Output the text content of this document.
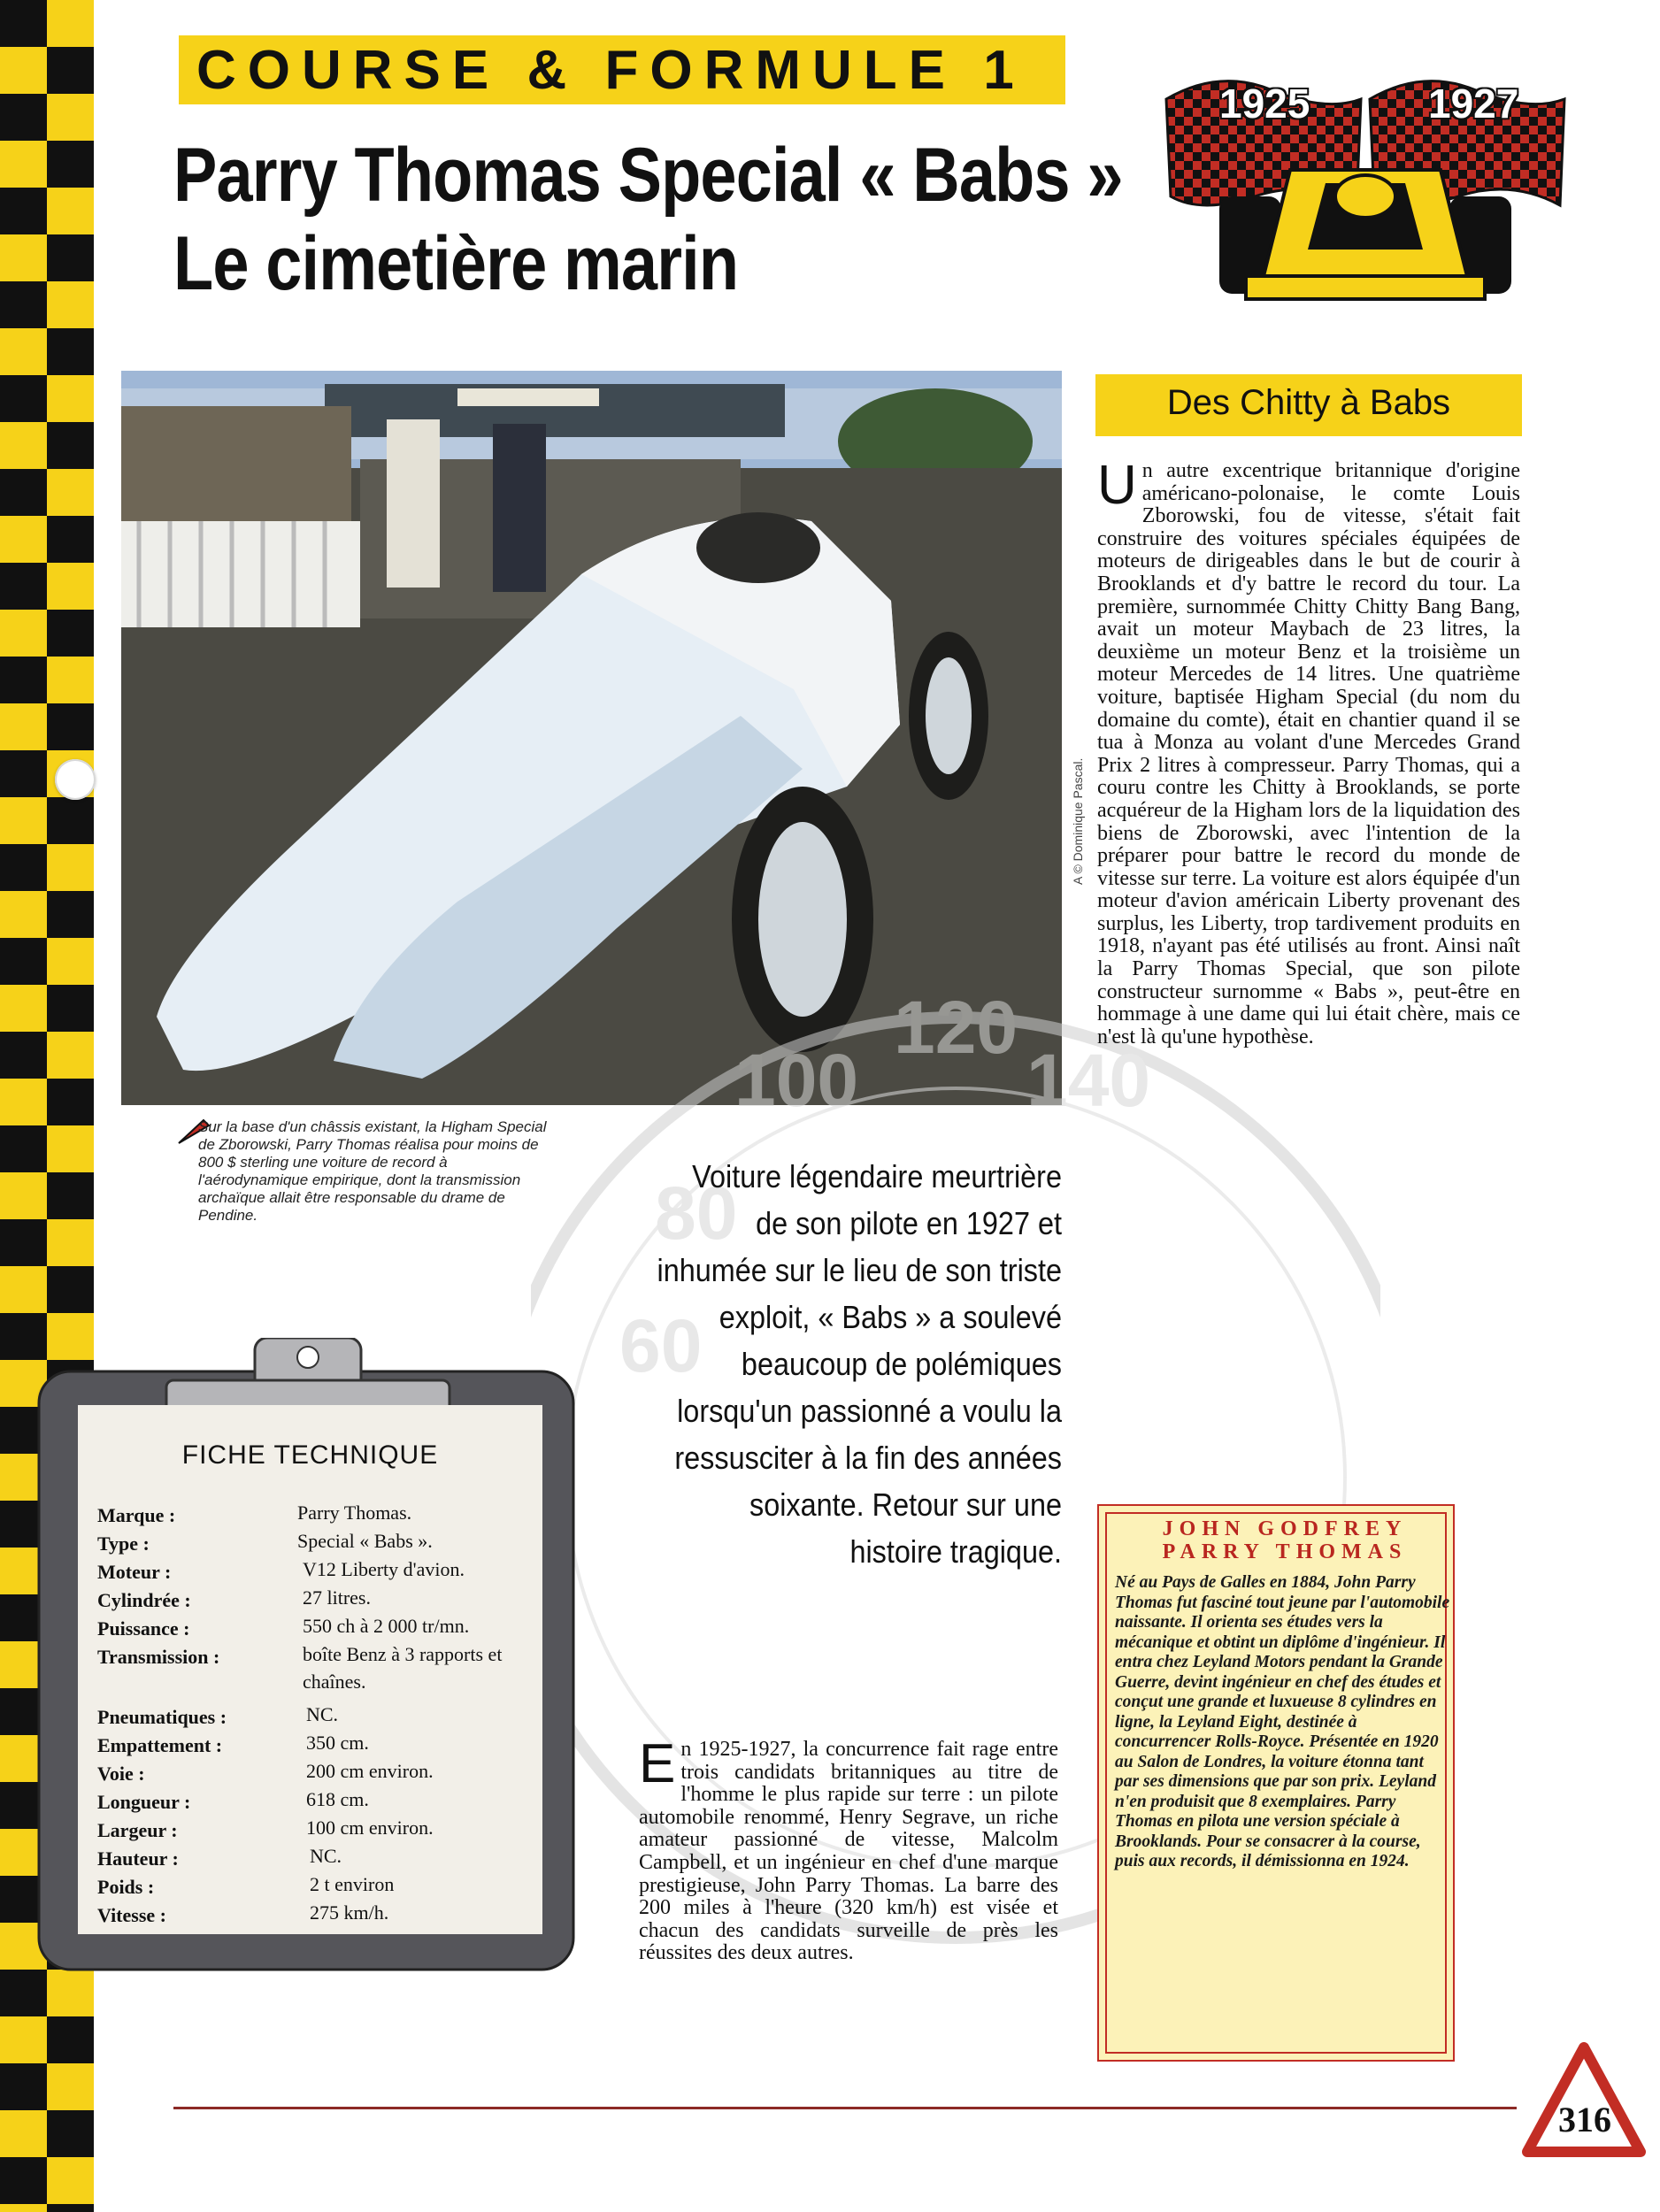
COURSE & FORMULE 1
Parry Thomas Special « Babs »
Le cimetière marin
1925	1927
A © Dominique Pascal.
Sur la base d'un châssis existant, la Higham Special de Zborowski, Parry Thomas réalisa pour moins de 800 $ sterling une voiture de record à l'aérodynamique empirique, dont la transmission archaïque allait être responsable du drame de Pendine.	80
100
120
140
60
Voiture légendaire meurtrière de son pilote en 1927 et inhumée sur le lieu de son triste exploit, « Babs » a soulevé beaucoup de polémiques lorsqu'un passionné a voulu la ressusciter à la fin des années soixante. Retour sur une histoire tragique.
FICHE TECHNIQUE
Marque :	Parry Thomas.
Type :	Special « Babs ».
Moteur :	V12 Liberty d'avion.
Cylindrée :	27 litres.
Puissance :	550 ch à 2 000 tr/mn.
Transmission :	boîte Benz à 3 rapports et chaînes.
Pneumatiques :	NC.
Empattement :	350 cm.
Voie :	200 cm environ.
Longueur :	618 cm.
Largeur :	100 cm environ.
Hauteur :	NC.
Poids :	2 t environ
Vitesse :	275 km/h.
Des Chitty à Babs
Un autre excentrique britannique d'origine américano-polonaise, le comte Louis Zborowski, fou de vitesse, s'était fait construire des voitures spéciales équipées de moteurs de dirigeables dans le but de courir à Brooklands et d'y battre le record du tour. La première, surnommée Chitty Chitty Bang Bang, avait un moteur Maybach de 23 litres, la deuxième un moteur Benz et la troisième un moteur Mercedes de 14 litres. Une quatrième voiture, baptisée Higham Special (du nom du domaine du comte), était en chantier quand il se tua à Monza au volant d'une Mercedes Grand Prix 2 litres à compresseur. Parry Thomas, qui a couru contre les Chitty à Brooklands, se porte acquéreur de la Higham lors de la liquidation des biens de Zborowski, avec l'intention de la préparer pour battre le record du monde de vitesse sur terre. La voiture est alors équipée d'un moteur d'avion américain Liberty provenant des surplus, les Liberty, trop tardivement produits en 1918, n'ayant pas été utilisés au front. Ainsi naît la Parry Thomas Special, que son pilote constructeur surnomme « Babs », peut-être en hommage à une dame qui lui était chère, mais ce n'est là qu'une hypothèse.
En 1925-1927, la concurrence fait rage entre trois candidats britanniques au titre de l'homme le plus rapide sur terre : un pilote automobile renommé, Henry Segrave, un riche amateur passionné de vitesse, Malcolm Campbell, et un ingénieur en chef d'une marque prestigieuse, John Parry Thomas. La barre des 200 miles à l'heure (320 km/h) est visée et chacun des candidats surveille de près les réussites des deux autres.
JOHN GODFREY
PARRY THOMAS
Né au Pays de Galles en 1884, John Parry Thomas fut fasciné tout jeune par l'automobile naissante. Il orienta ses études vers la mécanique et obtint un diplôme d'ingénieur. Il entra chez Leyland Motors pendant la Grande Guerre, devint ingénieur en chef des études et conçut une grande et luxueuse 8 cylindres en ligne, la Leyland Eight, destinée à concurrencer Rolls-Royce. Présentée en 1920 au Salon de Londres, la voiture étonna tant par ses dimensions que par son prix. Leyland n'en produisit que 8 exemplaires. Parry Thomas en pilota une version spéciale à Brooklands. Pour se consacrer à la course, puis aux records, il démissionna en 1924.
316
